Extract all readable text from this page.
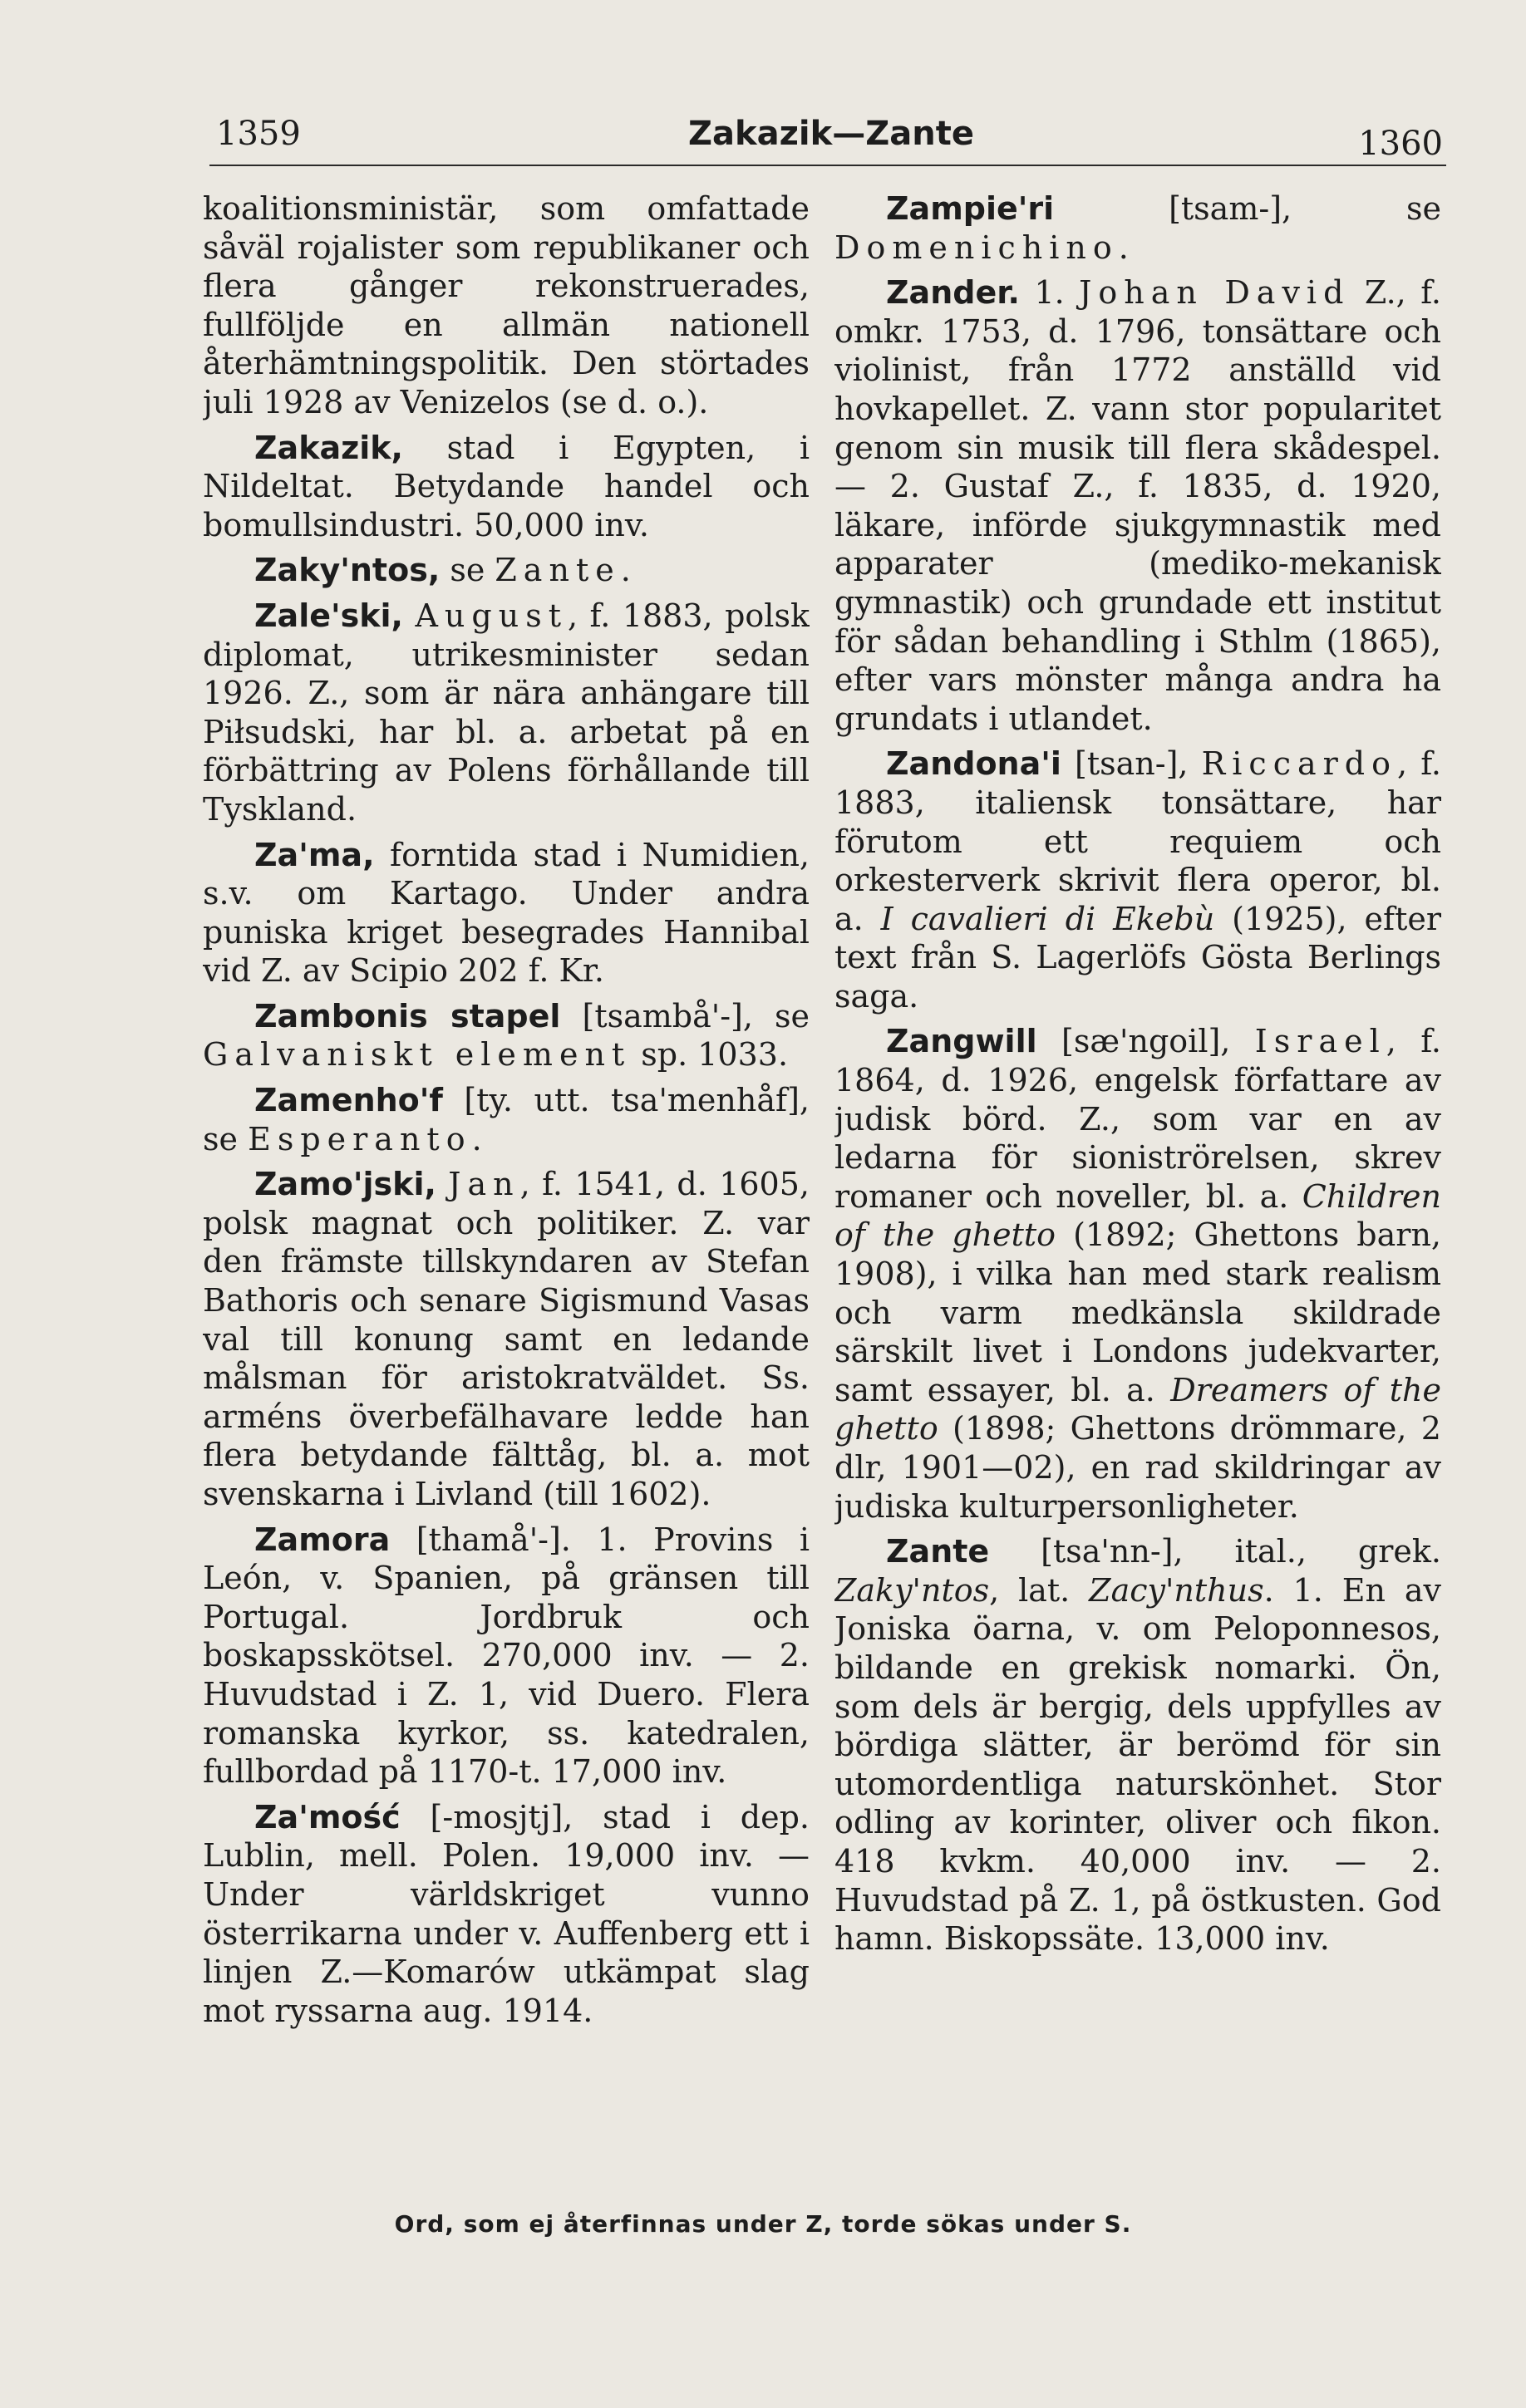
1359	Zakazik—Zante	1360

koalitionsministär, som omfattade såväl rojalister som republikaner och flera gånger rekonstruerades, fullföljde en allmän nationell återhämtningspolitik. Den störtades juli 1928 av Venizelos (se d. o.).

Zakazik, stad i Egypten, i Nildeltat. Betydande handel och bomullsindustri. 50,000 inv.

Zaky'ntos, se Zante.

Zale'ski, August, f. 1883, polsk diplomat, utrikesminister sedan 1926. Z., som är nära anhängare till Piłsudski, har bl. a. arbetat på en förbättring av Polens förhållande till Tyskland.

Za'ma, forntida stad i Numidien, s.v. om Kartago. Under andra puniska kriget besegrades Hannibal vid Z. av Scipio 202 f. Kr.

Zambonis stapel [tsambå'-], se Galvaniskt element sp. 1033.

Zamenho'f [ty. utt. tsa'menhåf], se Esperanto.

Zamo'jski, Jan, f. 1541, d. 1605, polsk magnat och politiker. Z. var den främste tillskyndaren av Stefan Bathoris och senare Sigismund Vasas val till konung samt en ledande målsman för aristokratväldet. Ss. arméns överbefälhavare ledde han flera betydande fälttåg, bl. a. mot svenskarna i Livland (till 1602).

Zamora [thamå'-]. 1. Provins i León, v. Spanien, på gränsen till Portugal. Jordbruk och boskapsskötsel. 270,000 inv. — 2. Huvudstad i Z. 1, vid Duero. Flera romanska kyrkor, ss. katedralen, fullbordad på 1170-t. 17,000 inv.

Za'mość [-mosjtj], stad i dep. Lublin, mell. Polen. 19,000 inv. — Under världskriget vunno österrikarna under v. Auffenberg ett i linjen Z.—Komarów utkämpat slag mot ryssarna aug. 1914.

Zampie'ri [tsam-], se Domenichino.

Zander. 1. Johan David Z., f. omkr. 1753, d. 1796, tonsättare och violinist, från 1772 anställd vid hovkapellet. Z. vann stor popularitet genom sin musik till flera skådespel. — 2. Gustaf Z., f. 1835, d. 1920, läkare, införde sjukgymnastik med apparater (mediko-mekanisk gymnastik) och grundade ett institut för sådan behandling i Sthlm (1865), efter vars mönster många andra ha grundats i utlandet.

Zandona'i [tsan-], Riccardo, f. 1883, italiensk tonsättare, har förutom ett requiem och orkesterverk skrivit flera operor, bl. a. I cavalieri di Ekebù (1925), efter text från S. Lagerlöfs Gösta Berlings saga.

Zangwill [sæ'ngoil], Israel, f. 1864, d. 1926, engelsk författare av judisk börd. Z., som var en av ledarna för sioniströrelsen, skrev romaner och noveller, bl. a. Children of the ghetto (1892; Ghettons barn, 1908), i vilka han med stark realism och varm medkänsla skildrade särskilt livet i Londons judekvarter, samt essayer, bl. a. Dreamers of the ghetto (1898; Ghettons drömmare, 2 dlr, 1901—02), en rad skildringar av judiska kulturpersonligheter.

Zante [tsa'nn-], ital., grek. Zaky'ntos, lat. Zacy'nthus. 1. En av Joniska öarna, v. om Peloponnesos, bildande en grekisk nomarki. Ön, som dels är bergig, dels uppfylles av bördiga slätter, är berömd för sin utomordentliga naturskönhet. Stor odling av korinter, oliver och fikon. 418 kvkm. 40,000 inv. — 2. Huvudstad på Z. 1, på östkusten. God hamn. Biskopssäte. 13,000 inv.

Ord, som ej återfinnas under Z, torde sökas under S.
